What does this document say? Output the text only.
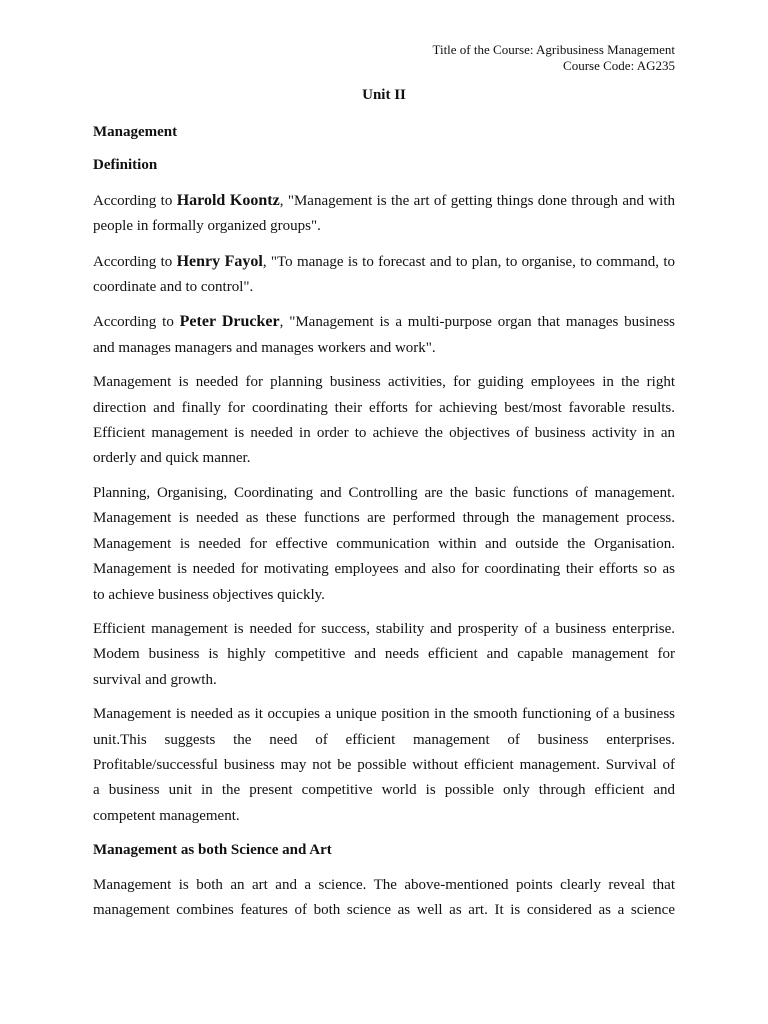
Title of the Course: Agribusiness Management
Course Code: AG235
Unit II
Management
Definition
According to Harold Koontz, "Management is the art of getting things done through and with
people in formally organized groups".
According to Henry Fayol, "To manage is to forecast and to plan, to organise, to command, to
coordinate and to control".
According to Peter Drucker, "Management is a multi-purpose organ that manages business
and manages managers and manages workers and work".
Management is needed for planning business activities, for guiding employees in the right
direction and finally for coordinating their efforts for achieving best/most favorable results.
Efficient management is needed in order to achieve the objectives of business activity in an
orderly and quick manner.
Planning, Organising, Coordinating and Controlling are the basic functions of management.
Management is needed as these functions are performed through the management process.
Management is needed for effective communication within and outside the Organisation.
Management is needed for motivating employees and also for coordinating their efforts so as
to achieve business objectives quickly.
Efficient management is needed for success, stability and prosperity of a business enterprise.
Modem business is highly competitive and needs efficient and capable management for
survival and growth.
Management is needed as it occupies a unique position in the smooth functioning of a business
unit.This suggests the need of efficient management of business enterprises.
Profitable/successful business may not be possible without efficient management. Survival of
a business unit in the present competitive world is possible only through efficient and
competent management.
Management as both Science and Art
Management is both an art and a science. The above-mentioned points clearly reveal that
management combines features of both science as well as art. It is considered as a science
